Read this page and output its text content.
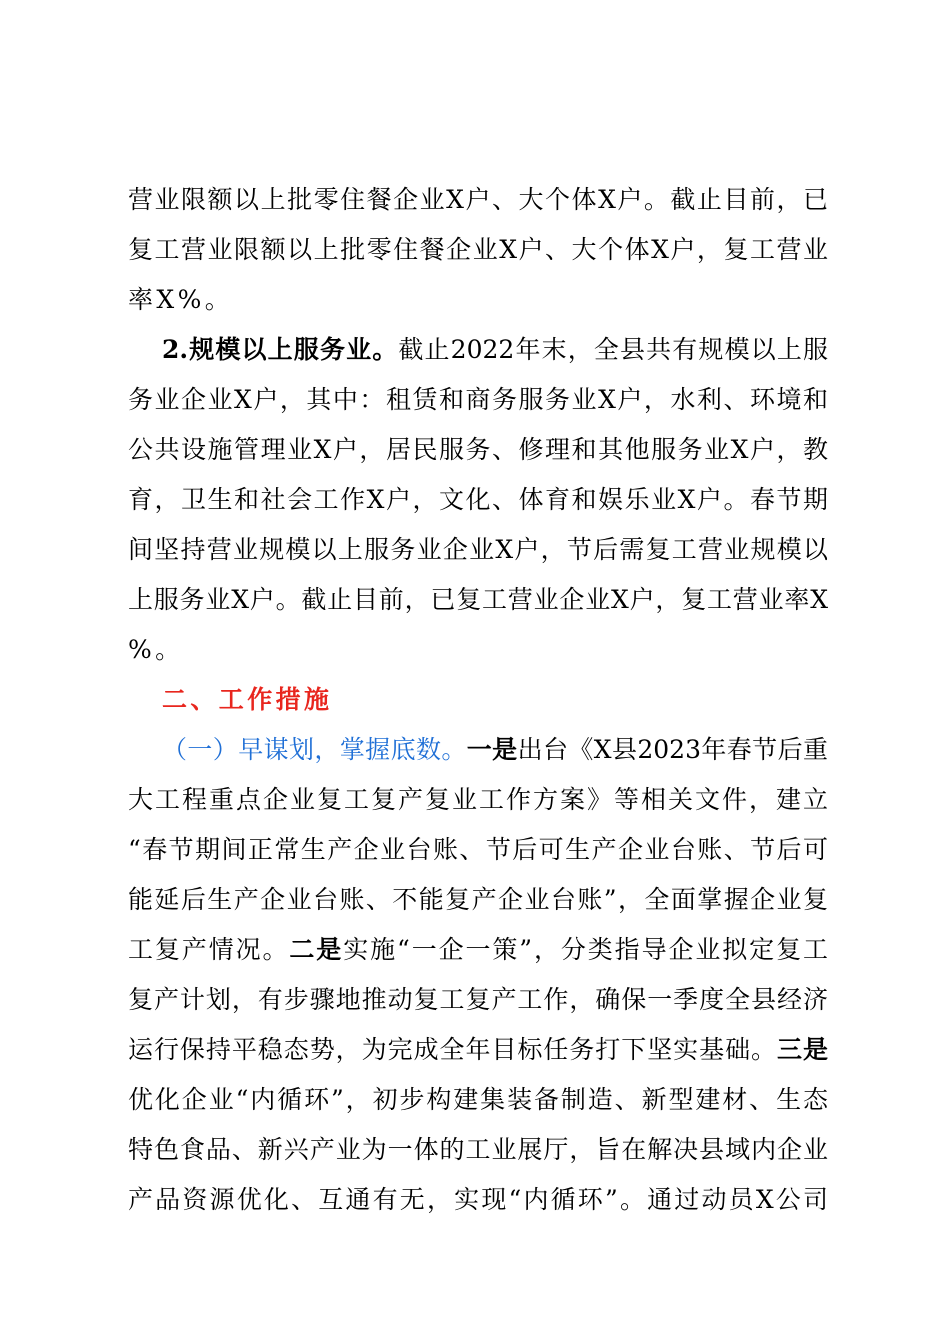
营业限额以上批零住餐企业X户、大个体X户。截止目前，已
复工营业限额以上批零住餐企业X户、大个体X户，复工营业
率X%。
2.规模以上服务业。截止2022年末，全县共有规模以上服
务业企业X户，其中：租赁和商务服务业X户，水利、环境和
公共设施管理业X户，居民服务、修理和其他服务业X户，教
育，卫生和社会工作X户，文化、体育和娱乐业X户。春节期
间坚持营业规模以上服务业企业X户，节后需复工营业规模以
上服务业X户。截止目前，已复工营业企业X户，复工营业率X
%。
二、工作措施
（一）早谋划，掌握底数。一是出台《X县2023年春节后重
大工程重点企业复工复产复业工作方案》等相关文件，建立
“春节期间正常生产企业台账、节后可生产企业台账、节后可
能延后生产企业台账、不能复产企业台账”，全面掌握企业复
工复产情况。二是实施“一企一策”，分类指导企业拟定复工
复产计划，有步骤地推动复工复产工作，确保一季度全县经济
运行保持平稳态势，为完成全年目标任务打下坚实基础。三是
优化企业“内循环”，初步构建集装备制造、新型建材、生态
特色食品、新兴产业为一体的工业展厅，旨在解决县域内企业
产品资源优化、互通有无，实现“内循环”。通过动员X公司
